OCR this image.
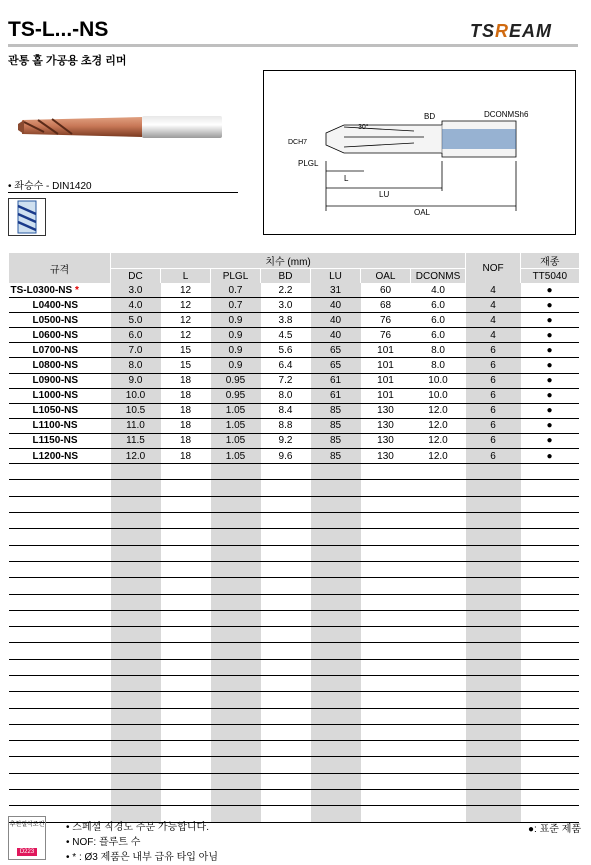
TS-L...-NS	TSREAM
관통 홀 가공용 초경 리머
• 좌승수 - DIN1420
30°
BD	DCONMSh6
DCH7
PLGL
L
LU
OAL
규격	치수 (mm)							NOF	재종
	DC	L	PLGL	BD	LU	OAL	DCONMS		TT5040
TS-L0300-NS *	3.0	12	0.7	2.2	31	60	4.0	4	●
L0400-NS	4.0	12	0.7	3.0	40	68	6.0	4	●
L0500-NS	5.0	12	0.9	3.8	40	76	6.0	4	●
L0600-NS	6.0	12	0.9	4.5	40	76	6.0	4	●
L0700-NS	7.0	15	0.9	5.6	65	101	8.0	6	●
L0800-NS	8.0	15	0.9	6.4	65	101	8.0	6	●
L0900-NS	9.0	18	0.95	7.2	61	101	10.0	6	●
L1000-NS	10.0	18	0.95	8.0	61	101	10.0	6	●
L1050-NS	10.5	18	1.05	8.4	85	130	12.0	6	●
L1100-NS	11.0	18	1.05	8.8	85	130	12.0	6	●
L1150-NS	11.5	18	1.05	9.2	85	130	12.0	6	●
L1200-NS	12.0	18	1.05	9.6	85	130	12.0	6	●

추천절삭조건
D223
• 스페셜 직경도 주문 가능합니다.
• NOF: 플루트 수
• * : Ø3 제품은 내부 급유 타입 아님
●: 표준 제품
